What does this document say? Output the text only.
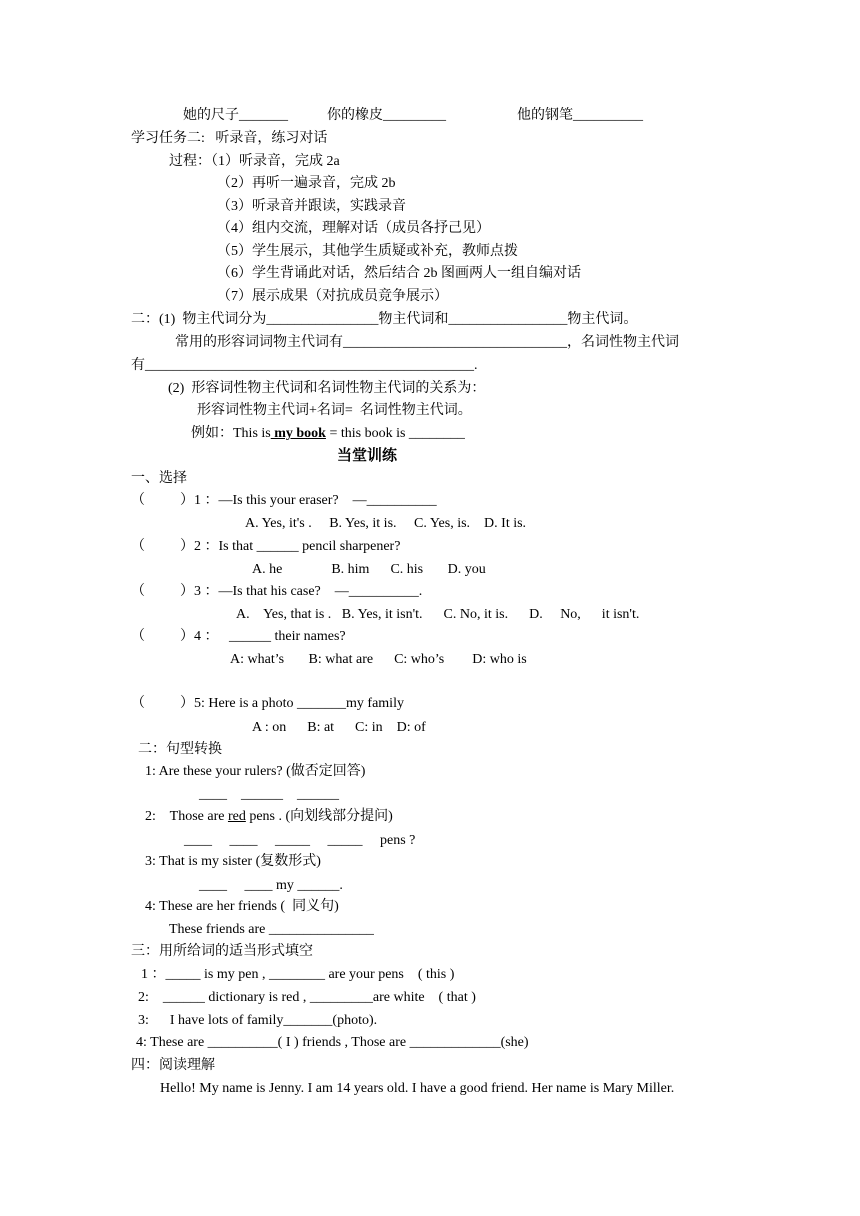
她的尺子_______	你的橡皮_________	他的钢笔__________
学习任务二:   听录音，练习对话
过程：（1）听录音，完成 2a
（2）再听一遍录音，完成 2b
（3）听录音并跟读，实践录音
（4）组内交流，理解对话（成员各抒己见）
（5）学生展示，其他学生质疑或补充，教师点拨
（6）学生背诵此对话，然后结合 2b 图画两人一组自编对话
（7）展示成果（对抗成员竞争展示）
二：(1)  物主代词分为________________物主代词和_________________物主代词。
常用的形容词词物主代词有________________________________，名词性物主代词
有_______________________________________________.
(2)  形容词性物主代词和名词性物主代词的关系为：
形容词性物主代词+名词=  名词性物主代词。
例如：This is my book = this book is ________
当堂训练
一、选择
（          ）1 ：—Is this your eraser?    —__________
A. Yes, it's .     B. Yes, it is.     C. Yes, is.    D. It is.
（          ）2 ：Is that ______ pencil sharpener?
A. he              B. him      C. his       D. you
（          ）3 ：—Is that his case?    —__________.
A.    Yes, that is .   B. Yes, it isn't.      C. No, it is.      D.     No,      it isn't.
（          ）4 ：   ______ their names?
A: what’s       B: what are      C: who’s        D: who is
（          ）5: Here is a photo _______my family
A : on      B: at      C: in    D: of
二：句型转换
1: Are these your rulers? (做否定回答)
____    ______    ______
2:    Those are red pens . (向划线部分提问)
____     ____     _____     _____     pens ?
3: That is my sister (复数形式)
____     ____ my ______.
4: These are her friends (  同义句)
These friends are _______________
三：用所给词的适当形式填空
1 ：_____ is my pen , ________ are your pens    ( this )
2:    ______ dictionary is red , _________are white    ( that )
3:      I have lots of family_______(photo).
4: These are __________( I ) friends , Those are _____________(she)
四：阅读理解
Hello! My name is Jenny. I am 14 years old. I have a good friend. Her name is Mary Miller.
